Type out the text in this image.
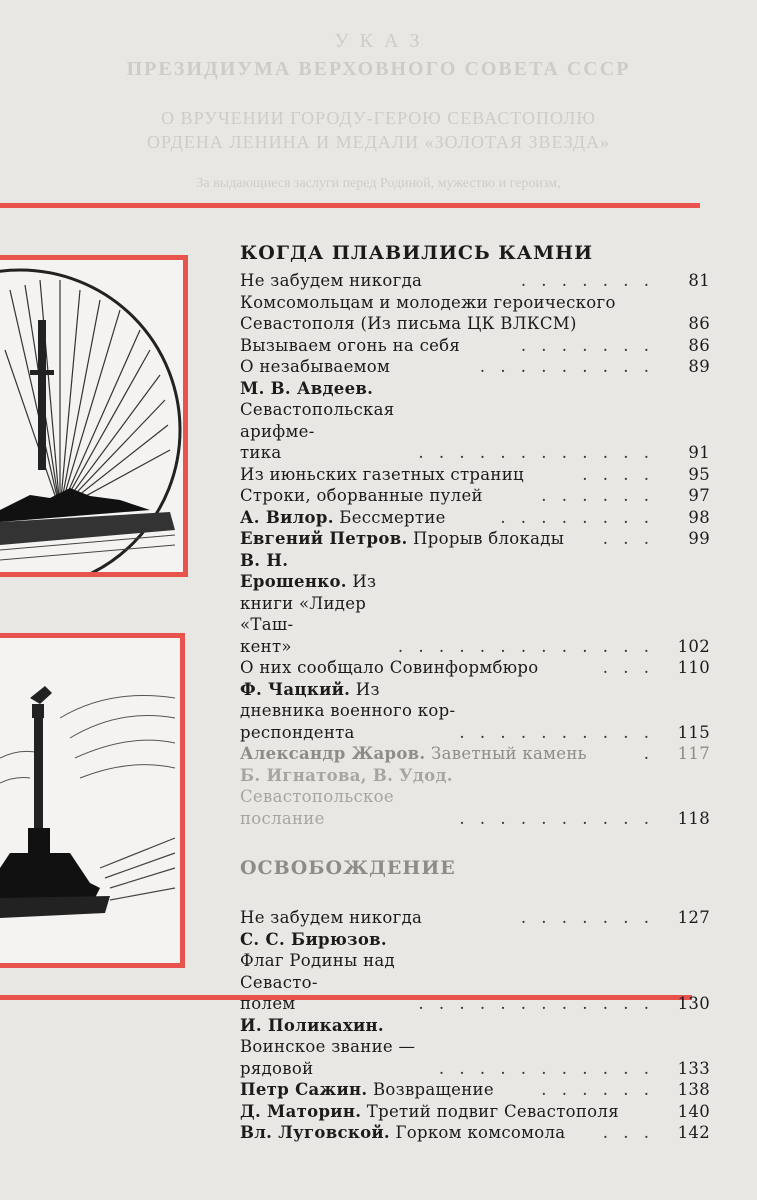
У К А З
ПРЕЗИДИУМА ВЕРХОВНОГО СОВЕТА СССР
О ВРУЧЕНИИ ГОРОДУ-ГЕРОЮ СЕВАСТОПОЛЮ
ОРДЕНА ЛЕНИНА И МЕДАЛИ «ЗОЛОТАЯ ЗВЕЗДА»
За выдающиеся заслуги перед Родиной, мужество и героизм,
КОГДА ПЛАВИЛИСЬ КАМНИ
Не забудем никогда	. . . . . . .	81
Комсомольцам и молодежи героического
Севастополя (Из письма ЦК ВЛКСМ)	86
Вызываем огонь на себя	. . . . . . .	86
О незабываемом	. . . . . . . . .	89
М. В. Авдеев. Севастопольская арифме-
тика	. . . . . . . . . . . .	91
Из июньских газетных страниц	. . . .	95
Строки, оборванные пулей	. . . . . .	97
А. Вилор. Бессмертие	. . . . . . . .	98
Евгений Петров. Прорыв блокады	. . .	99
В. Н. Ерошенко. Из книги «Лидер «Таш-
кент»	. . . . . . . . . . . . .	102
О них сообщало Совинформбюро	. . .	110
Ф. Чацкий. Из дневника военного кор-
респондента	. . . . . . . . . .	115
Александр Жаров. Заветный камень	.	117
Б. Игнатова, В. Удод. Севастопольское
послание	. . . . . . . . . .	118
ОСВОБОЖДЕНИЕ
Не забудем никогда	. . . . . . .	127
С. С. Бирюзов. Флаг Родины над Севасто-
полем	. . . . . . . . . . . .	130
И. Поликахин. Воинское звание —
рядовой	. . . . . . . . . . .	133
Петр Сажин. Возвращение	. . . . . .	138
Д. Маторин. Третий подвиг Севастополя	140
Вл. Луговской. Горком комсомола	. . .	142
